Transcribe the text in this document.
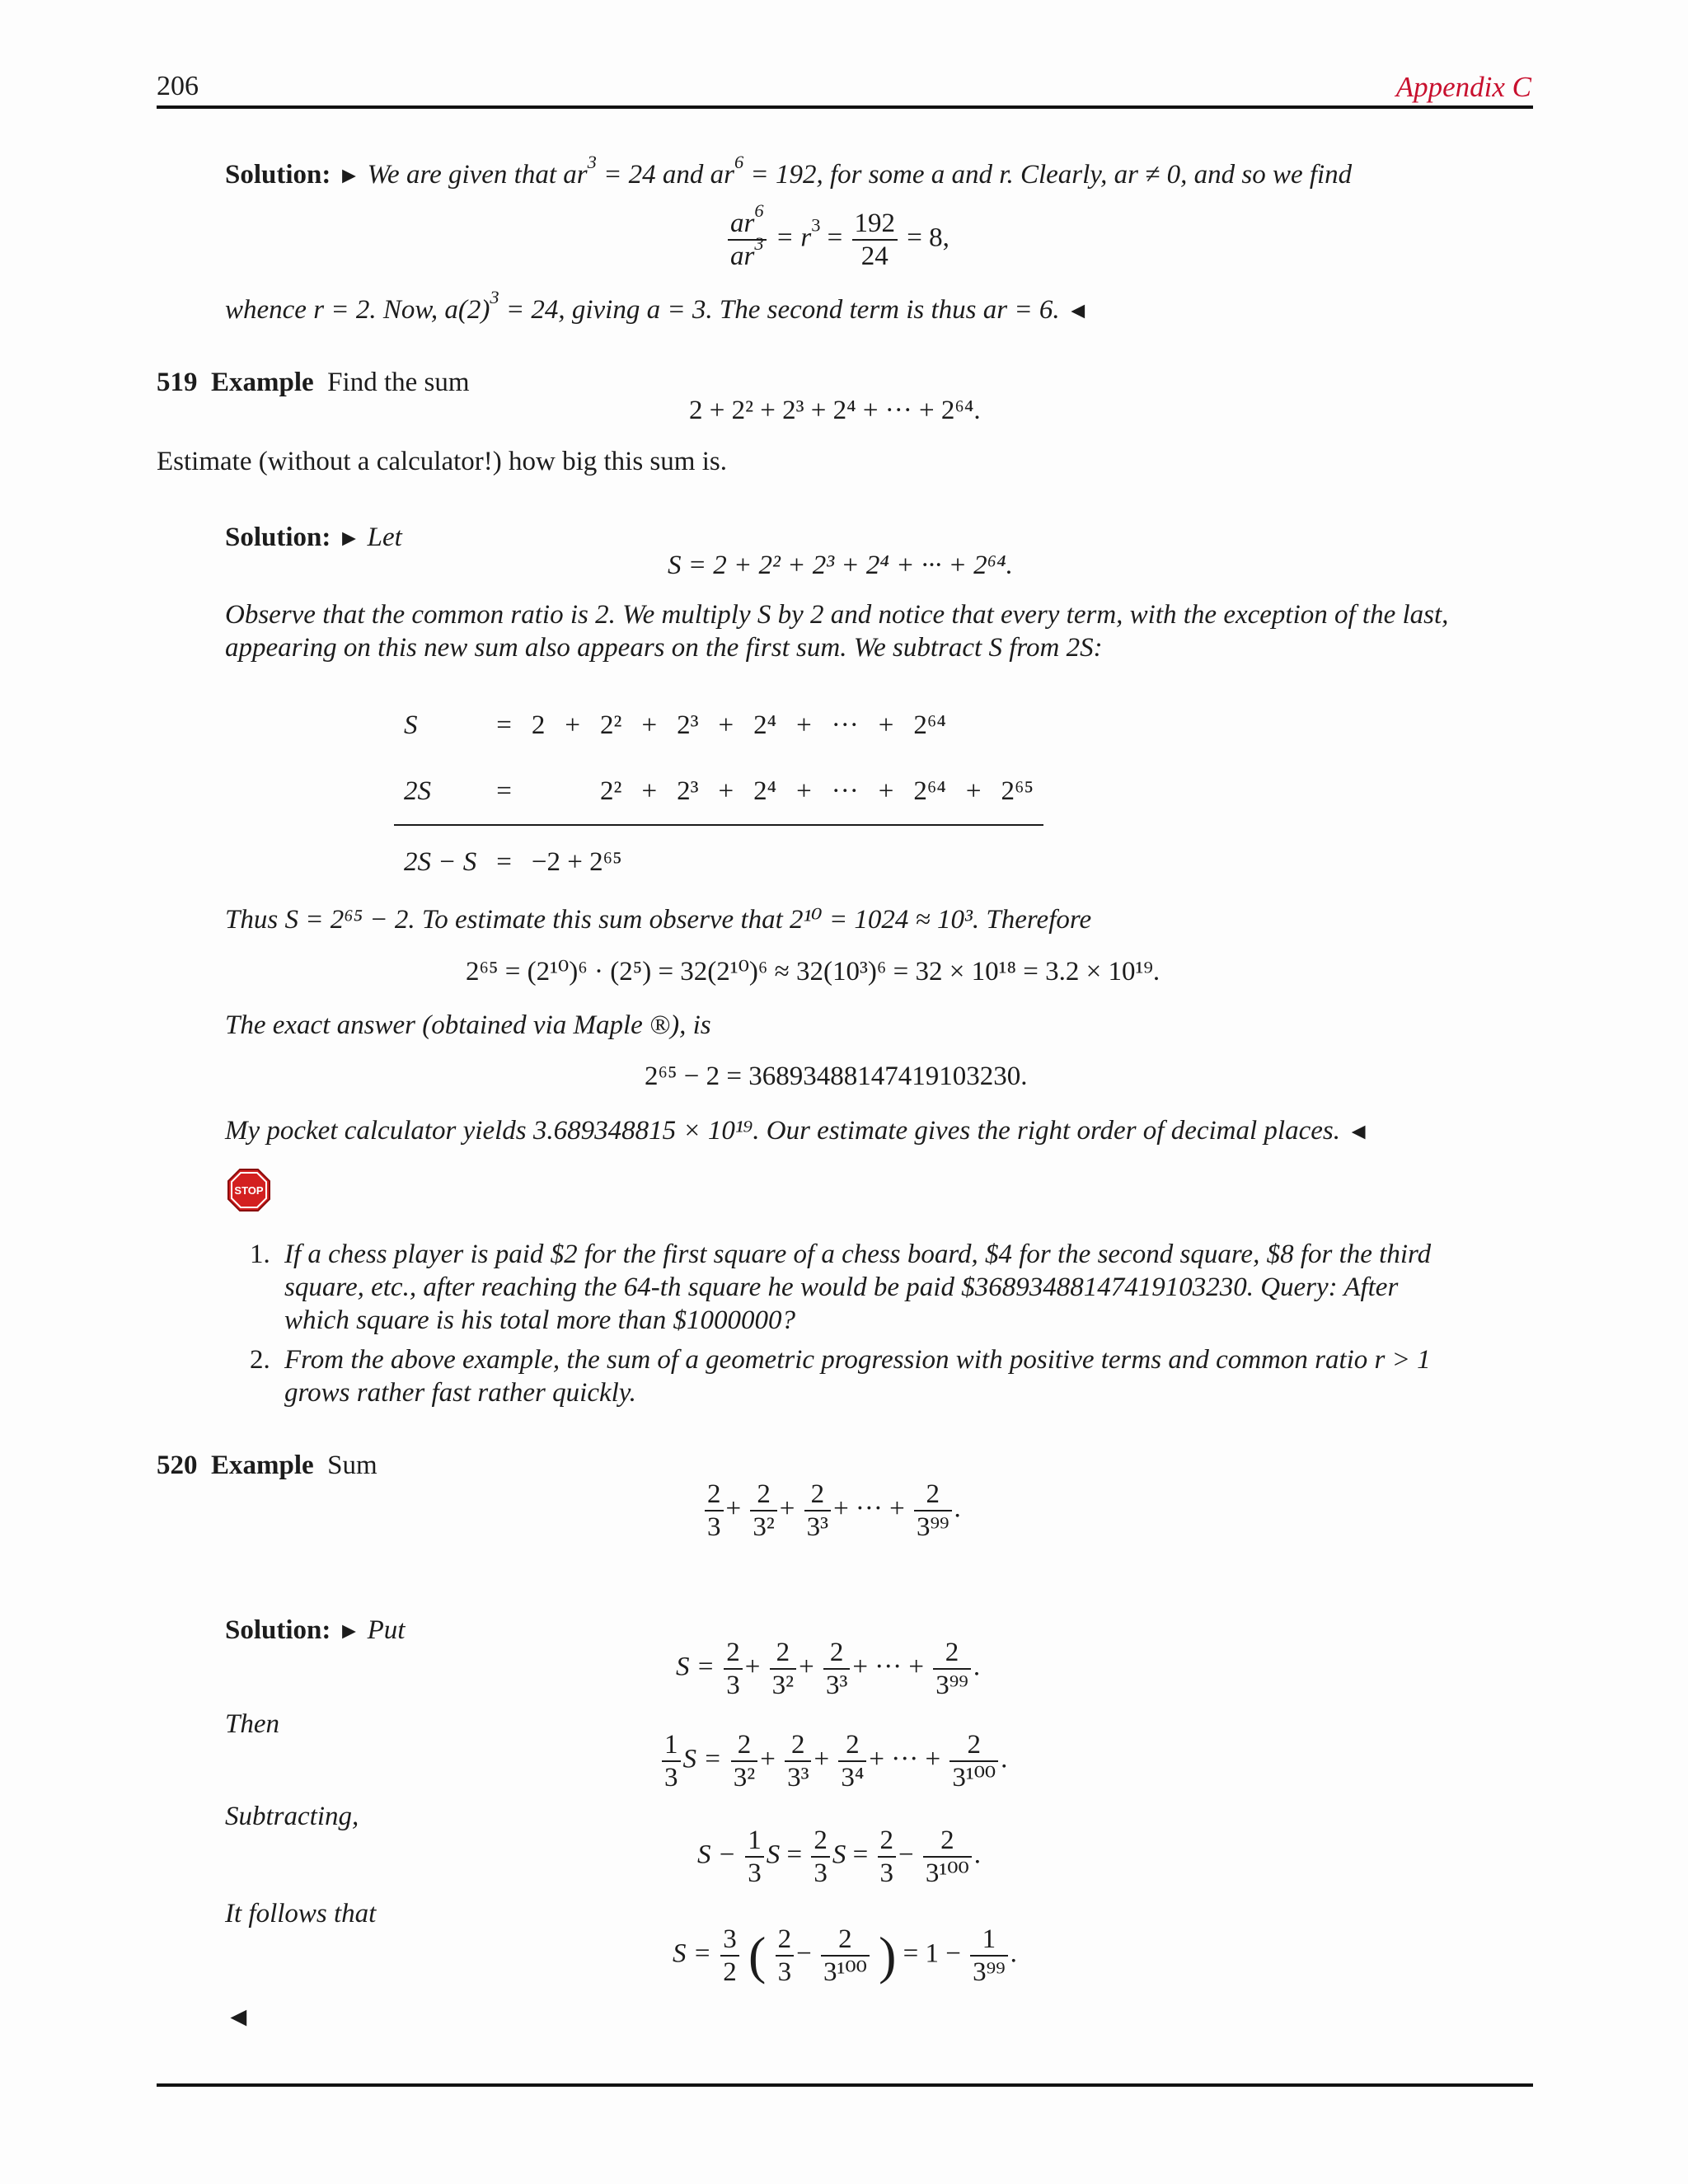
206	Appendix C
Solution: ► We are given that $ar^3 = 24$ and $ar^6 = 192$, for some a and r. Clearly, ar ≠ 0, and so we find
$\frac{ar^6}{ar^3} = r^3 = \frac{192}{24} = 8$,
whence r = 2. Now, $a(2)^3 = 24$, giving a = 3. The second term is thus ar = 6. ◄
519 Example Find the sum
2 + 2² + 2³ + 2⁴ + ··· + 2⁶⁴.
Estimate (without a calculator!) how big this sum is.
Solution: ► Let
S = 2 + 2² + 2³ + 2⁴ + ··· + 2⁶⁴.
Observe that the common ratio is 2. We multiply S by 2 and notice that every term, with the exception of the last,
appearing on this new sum also appears on the first sum. We subtract S from 2S:
S	=	2	+	2²	+	2³	+	2⁴	+	···	+	2⁶⁴		
2S	=			2²	+	2³	+	2⁴	+	···	+	2⁶⁴	+	2⁶⁵
2S − S	=	−2 + 2⁶⁵												
Thus S = 2⁶⁵ − 2. To estimate this sum observe that 2¹⁰ = 1024 ≈ 10³. Therefore
2⁶⁵ = (2¹⁰)⁶ · (2⁵) = 32(2¹⁰)⁶ ≈ 32(10³)⁶ = 32 × 10¹⁸ = 3.2 × 10¹⁹.
The exact answer (obtained via Maple ®), is
2⁶⁵ − 2 = 36893488147419103230.
My pocket calculator yields 3.689348815 × 10¹⁹. Our estimate gives the right order of decimal places. ◄
STOP
1. If a chess player is paid $2 for the first square of a chess board, $4 for the second square, $8 for the third
square, etc., after reaching the 64-th square he would be paid $36893488147419103230. Query: After
which square is his total more than $1000000?
2. From the above example, the sum of a geometric progression with positive terms and common ratio r > 1
grows rather fast rather quickly.
520 Example Sum
$\frac{2}{3} + \frac{2}{\text{3²}} + \frac{2}{\text{3³}}$ + ··· + $\frac{2}{\text{3⁹⁹}}$ .
Solution: ► Put
$S = \frac{2}{3} + \frac{2}{\text{3²}} + \frac{2}{\text{3³}}$ + ··· + $\frac{2}{\text{3⁹⁹}}$ .
Then
$\frac{1}{3}$ $S = \frac{2}{\text{3²}} + \frac{2}{\text{3³}} + \frac{2}{\text{3⁴}}$ + ··· + $\frac{2}{\text{3¹⁰⁰}}$ .
Subtracting,
$S - \frac{1}{3}$ $S = \frac{2}{3}$ $S = \frac{2}{3} - \frac{2}{\text{3¹⁰⁰}}$ .
It follows that
$S = \frac{3}{2}$ ( $\frac{2}{3} - \frac{2}{\text{3¹⁰⁰}}$ ) = $1 - \frac{1}{\text{3⁹⁹}}$ .
◄
